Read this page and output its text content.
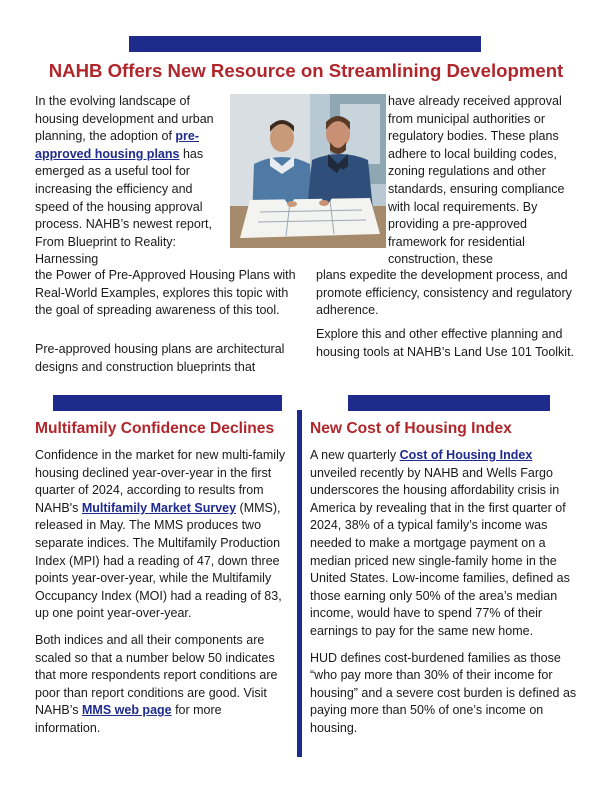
NAHB Offers New Resource on Streamlining Development

In the evolving landscape of housing development and urban planning, the adoption of pre-approved housing plans has emerged as a useful tool for increasing the efficiency and speed of the housing approval process. NAHB’s newest report, From Blueprint to Reality: Harnessing

the Power of Pre-Approved Housing Plans with Real-World Examples, explores this topic with the goal of spreading awareness of this tool.

Pre-approved housing plans are architectural designs and construction blueprints that

have already received approval from municipal authorities or regulatory bodies. These plans adhere to local building codes, zoning regulations and other standards, ensuring compliance with local requirements. By providing a pre-approved framework for residential construction, these

plans expedite the development process, and promote efficiency, consistency and regulatory adherence.

Explore this and other effective planning and housing tools at NAHB’s Land Use 101 Toolkit.

Multifamily Confidence Declines New Cost of Housing Index

Confidence in the market for new multi-family housing declined year-over-year in the first quarter of 2024, according to results from NAHB's Multifamily Market Survey (MMS), released in May. The MMS produces two separate indices. The Multifamily Production Index (MPI) had a reading of 47, down three points year-over-year, while the Multifamily Occupancy Index (MOI) had a reading of 83, up one point year-over-year.

Both indices and all their components are scaled so that a number below 50 indicates that more respondents report conditions are poor than report conditions are good. Visit NAHB’s MMS web page for more information.

A new quarterly Cost of Housing Index unveiled recently by NAHB and Wells Fargo underscores the housing affordability crisis in America by revealing that in the first quarter of 2024, 38% of a typical family’s income was needed to make a mortgage payment on a median priced new single-family home in the United States. Low-income families, defined as those earning only 50% of the area’s median income, would have to spend 77% of their earnings to pay for the same new home.

HUD defines cost-burdened families as those “who pay more than 30% of their income for housing” and a severe cost burden is defined as paying more than 50% of one’s income on housing.
